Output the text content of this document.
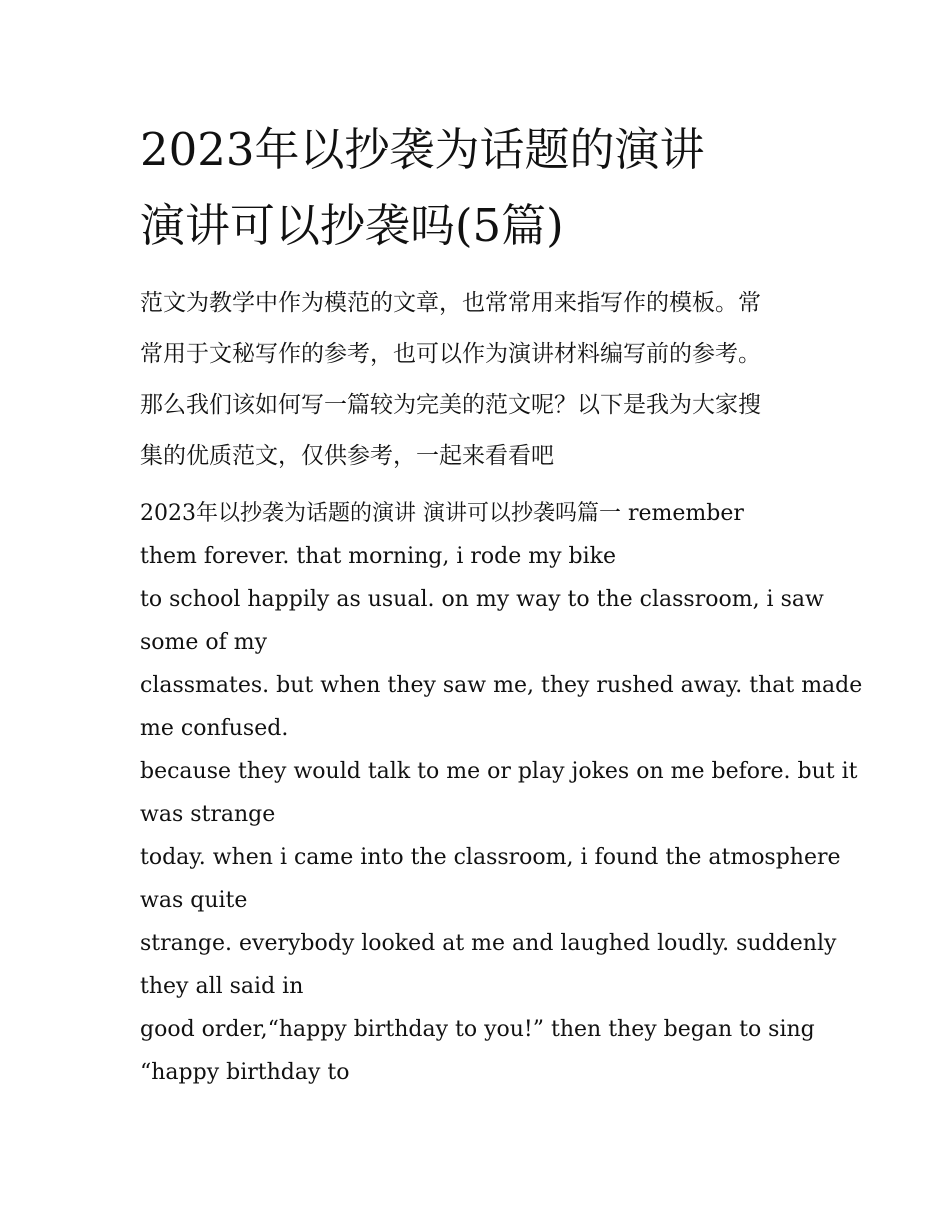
2023年以抄袭为话题的演讲
演讲可以抄袭吗(5篇)
范文为教学中作为模范的文章，也常常用来指写作的模板。常
常用于文秘写作的参考，也可以作为演讲材料编写前的参考。
那么我们该如何写一篇较为完美的范文呢？以下是我为大家搜
集的优质范文，仅供参考，一起来看看吧
2023年以抄袭为话题的演讲 演讲可以抄袭吗篇一 remember
them forever. that morning, i rode my bike
to school happily as usual. on my way to the classroom, i saw
some of my
classmates. but when they saw me, they rushed away. that made
me confused.
because they would talk to me or play jokes on me before. but it
was strange
today. when i came into the classroom, i found the atmosphere
was quite
strange. everybody looked at me and laughed loudly. suddenly
they all said in
good order,“happy birthday to you!” then they began to sing
“happy birthday to
